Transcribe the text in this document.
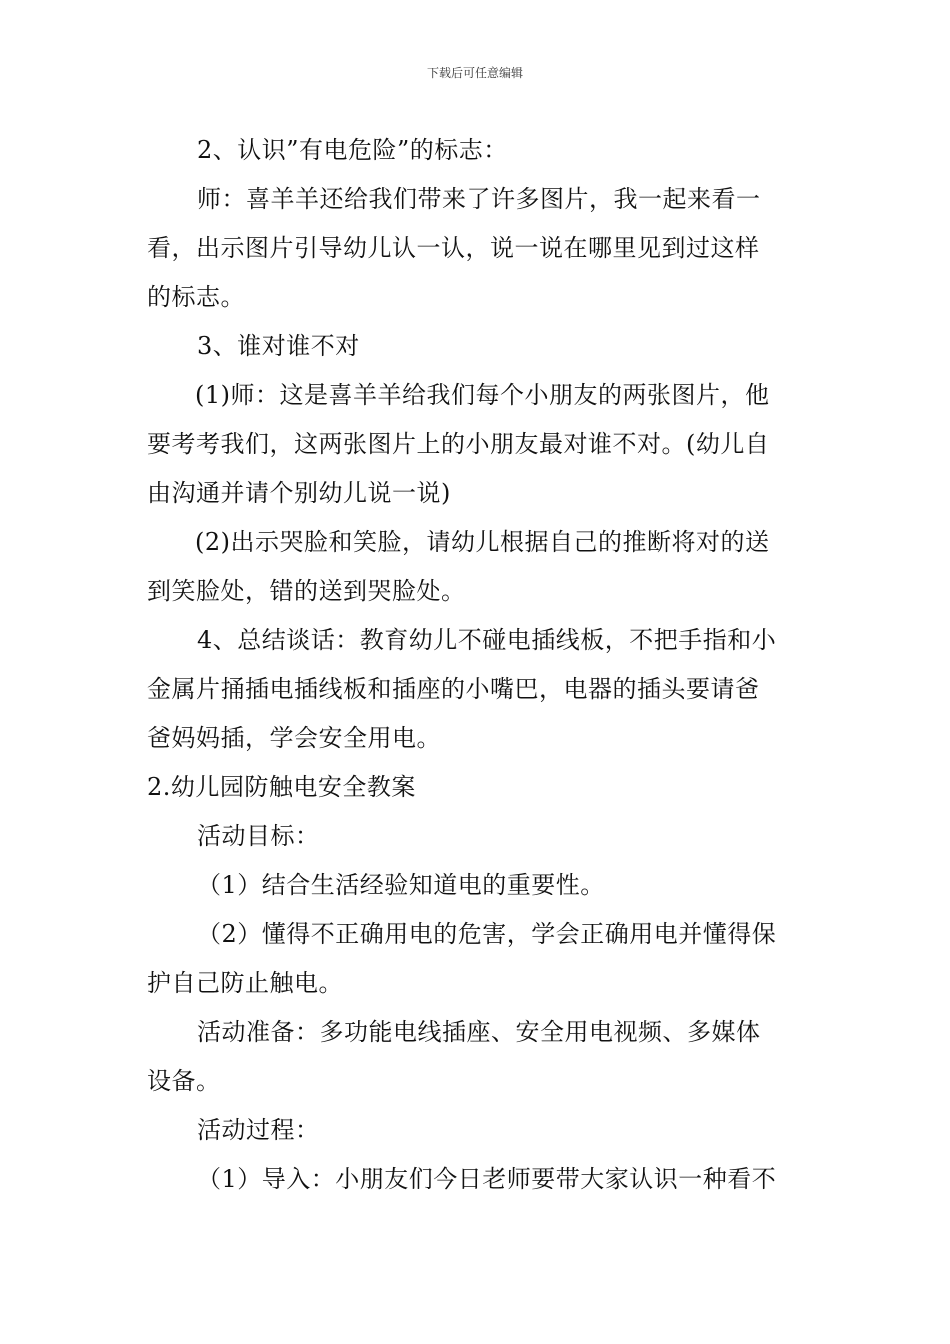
下载后可任意编辑
2、认识”有电危险”的标志：
师：喜羊羊还给我们带来了许多图片，我一起来看一
看，出示图片引导幼儿认一认，说一说在哪里见到过这样
的标志。
3、谁对谁不对
(1)师：这是喜羊羊给我们每个小朋友的两张图片，他
要考考我们，这两张图片上的小朋友最对谁不对。(幼儿自
由沟通并请个别幼儿说一说)
(2)出示哭脸和笑脸，请幼儿根据自己的推断将对的送
到笑脸处，错的送到哭脸处。
4、总结谈话：教育幼儿不碰电插线板，不把手指和小
金属片捅插电插线板和插座的小嘴巴，电器的插头要请爸
爸妈妈插，学会安全用电。
2.幼儿园防触电安全教案
活动目标：
（1）结合生活经验知道电的重要性。
（2）懂得不正确用电的危害，学会正确用电并懂得保
护自己防止触电。
活动准备：多功能电线插座、安全用电视频、多媒体
设备。
活动过程：
（1）导入：小朋友们今日老师要带大家认识一种看不
